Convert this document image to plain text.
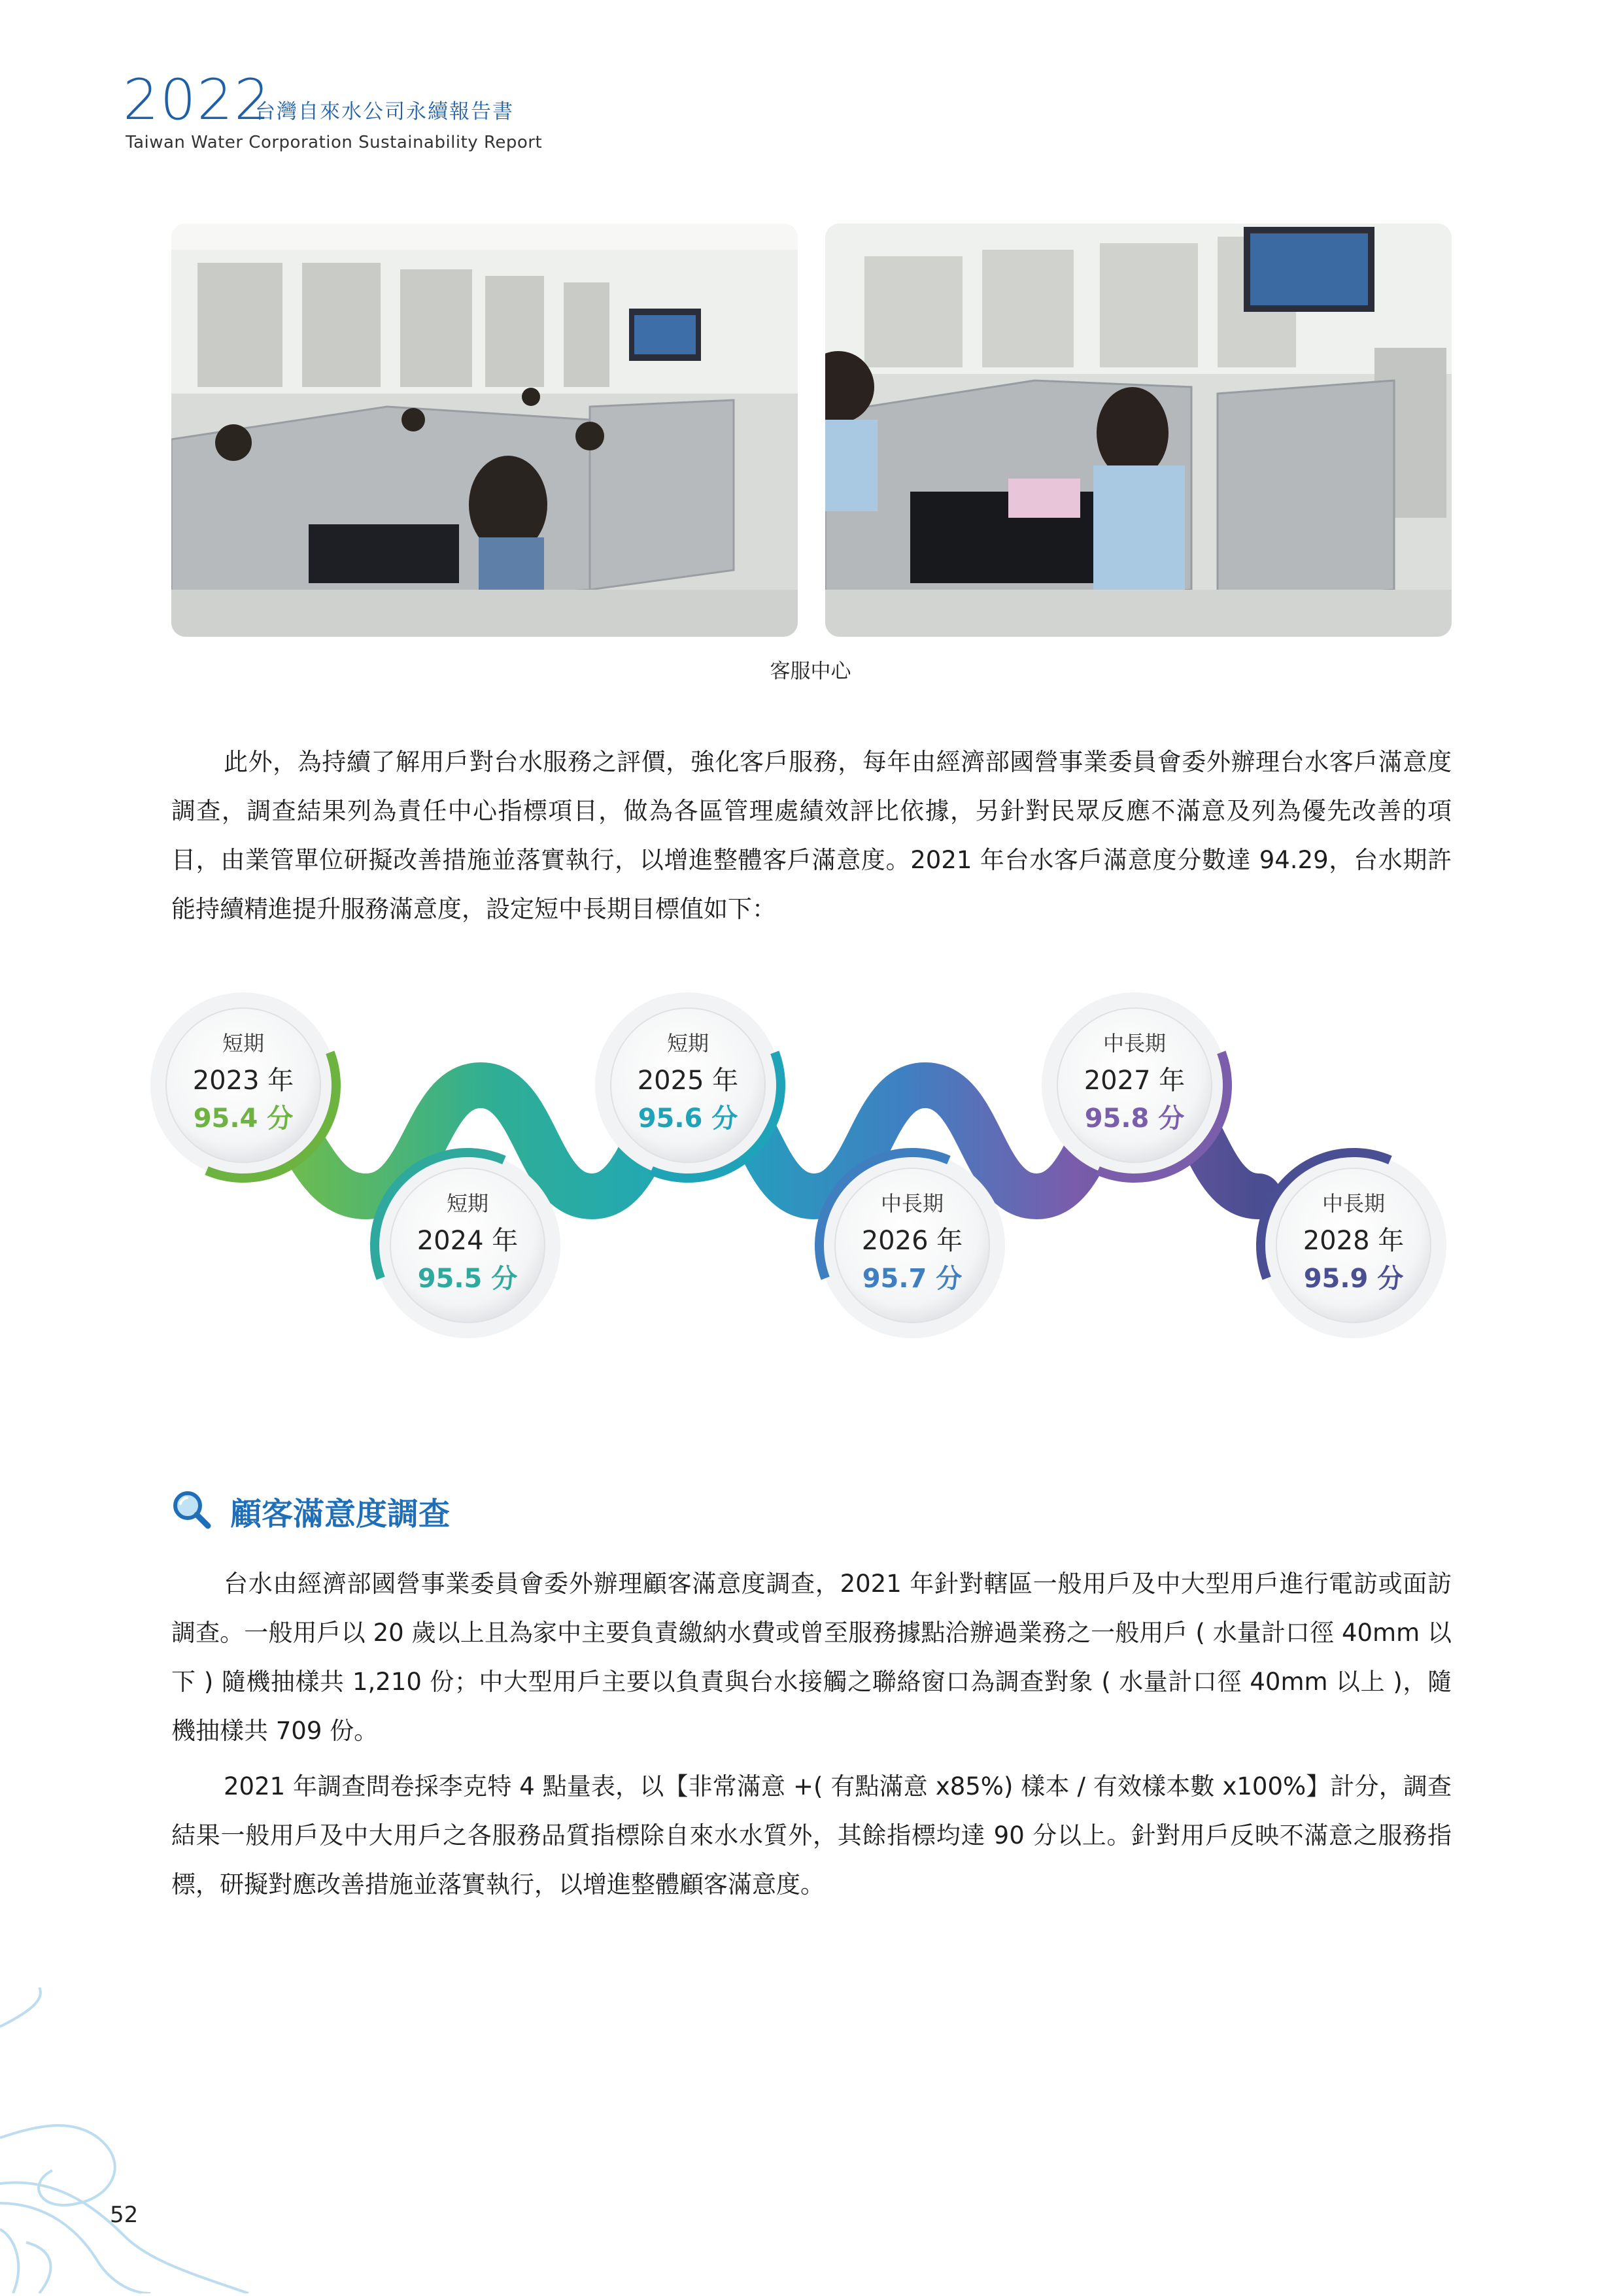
2022
台灣自來水公司永續報告書
Taiwan Water Corporation Sustainability Report
客服中心

此外，為持續了解用戶對台水服務之評價，強化客戶服務，每年由經濟部國營事業委員會委外辦理台水客戶滿意度調查，調查結果列為責任中心指標項目，做為各區管理處績效評比依據，另針對民眾反應不滿意及列為優先改善的項目，由業管單位研擬改善措施並落實執行，以增進整體客戶滿意度。2021 年台水客戶滿意度分數達 94.29，台水期許能持續精進提升服務滿意度，設定短中長期目標值如下：

短期
2023 年
95.4 分
短期
2024 年
95.5 分
短期
2025 年
95.6 分
中長期
2026 年
95.7 分
中長期
2027 年
95.8 分
中長期
2028 年
95.9 分
顧客滿意度調查

台水由經濟部國營事業委員會委外辦理顧客滿意度調查，2021 年針對轄區一般用戶及中大型用戶進行電訪或面訪調查。一般用戶以 20 歲以上且為家中主要負責繳納水費或曾至服務據點洽辦過業務之一般用戶 ( 水量計口徑 40mm 以下 ) 隨機抽樣共 1,210 份；中大型用戶主要以負責與台水接觸之聯絡窗口為調查對象 ( 水量計口徑 40mm 以上 )，隨機抽樣共 709 份。

2021 年調查問卷採李克特 4 點量表，以【非常滿意 +( 有點滿意 x85%) 樣本 / 有效樣本數 x100%】計分，調查結果一般用戶及中大用戶之各服務品質指標除自來水水質外，其餘指標均達 90 分以上。針對用戶反映不滿意之服務指標，研擬對應改善措施並落實執行，以增進整體顧客滿意度。

52
